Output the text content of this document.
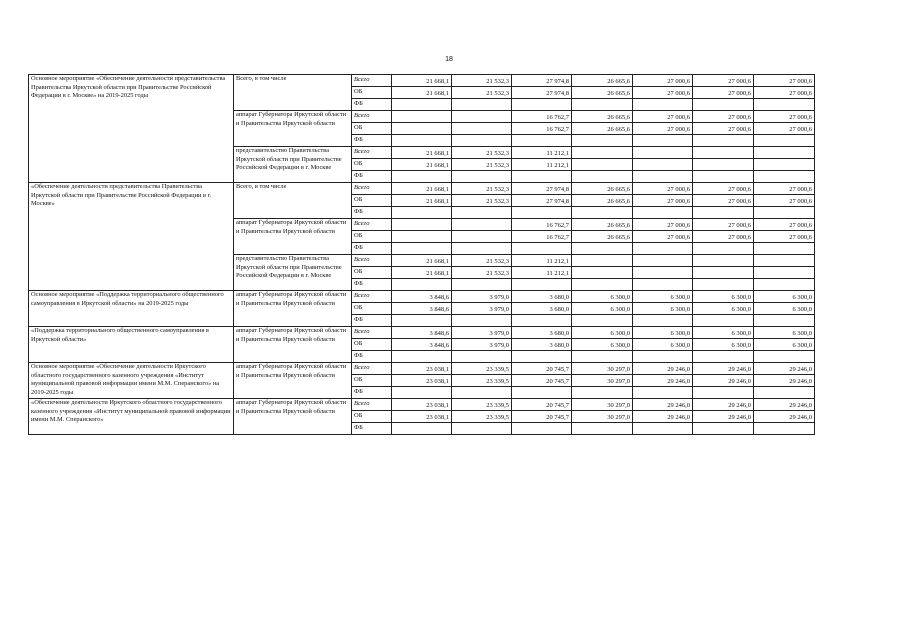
18
Основное мероприятие «Обеспечение деятельности представительства Правительства Иркутской области при Правительстве Российской Федерации в г. Москве» на 2019-2025 годы	Всего, в том числе	Всего	21 668,1	21 532,3	27 974,8	26 665,6	27 000,6	27 000,6	27 000,6
		ОБ	21 668,1	21 532,3	27 974,8	26 665,6	27 000,6	27 000,6	27 000,6
		ФБ							
	аппарат Губернатора Иркутской области и Правительства Иркутской области	Всего			16 762,7	26 665,6	27 000,6	27 000,6	27 000,6
		ОБ			16 762,7	26 665,6	27 000,6	27 000,6	27 000,6
		ФБ							
	представительство Правительства Иркутской области при Правительстве Российской Федерации в г. Москве	Всего	21 668,1	21 532,3	11 212,1				
		ОБ	21 668,1	21 532,3	11 212,1				
		ФБ							
«Обеспечение деятельности представительства Правительства Иркутской области при Правительстве Российской Федерации в г. Москве»	Всего, в том числе	Всего	21 668,1	21 532,3	27 974,8	26 665,6	27 000,6	27 000,6	27 000,6
		ОБ	21 668,1	21 532,3	27 974,8	26 665,6	27 000,6	27 000,6	27 000,6
		ФБ							
	аппарат Губернатора Иркутской области и Правительства Иркутской области	Всего			16 762,7	26 665,6	27 000,6	27 000,6	27 000,6
		ОБ			16 762,7	26 665,6	27 000,6	27 000,6	27 000,6
		ФБ							
	представительство Правительства Иркутской области при Правительстве Российской Федерации в г. Москве	Всего	21 668,1	21 532,3	11 212,1				
		ОБ	21 668,1	21 532,3	11 212,1				
		ФБ							
Основное мероприятие «Поддержка территориального общественного самоуправления в Иркутской области» на 2019-2025 годы	аппарат Губернатора Иркутской области и Правительства Иркутской области	Всего	3 848,6	3 979,0	3 680,0	6 300,0	6 300,0	6 300,0	6 300,0
		ОБ	3 848,6	3 979,0	3 680,0	6 300,0	6 300,0	6 300,0	6 300,0
		ФБ							
«Поддержка территориального общественного самоуправления в Иркутской области»	аппарат Губернатора Иркутской области и Правительства Иркутской области	Всего	3 848,6	3 979,0	3 680,0	6 300,0	6 300,0	6 300,0	6 300,0
		ОБ	3 848,6	3 979,0	3 680,0	6 300,0	6 300,0	6 300,0	6 300,0
		ФБ							
Основное мероприятие «Обеспечение деятельности Иркутского областного государственного казенного учреждения «Институт муниципальной правовой информации имени М.М. Сперанского» на 2019-2025 годы	аппарат Губернатора Иркутской области и Правительства Иркутской области	Всего	23 038,1	23 339,5	20 745,7	30 297,0	29 246,0	29 246,0	29 246,0
		ОБ	23 038,1	23 339,5	20 745,7	30 297,0	29 246,0	29 246,0	29 246,0
		ФБ							
«Обеспечение деятельности Иркутского областного государственного казенного учреждения «Институт муниципальной правовой информации имени М.М. Сперанского»	аппарат Губернатора Иркутской области и Правительства Иркутской области	Всего	23 038,1	23 339,5	20 745,7	30 297,0	29 246,0	29 246,0	29 246,0
		ОБ	23 038,1	23 339,5	20 745,7	30 297,0	29 246,0	29 246,0	29 246,0
		ФБ							
